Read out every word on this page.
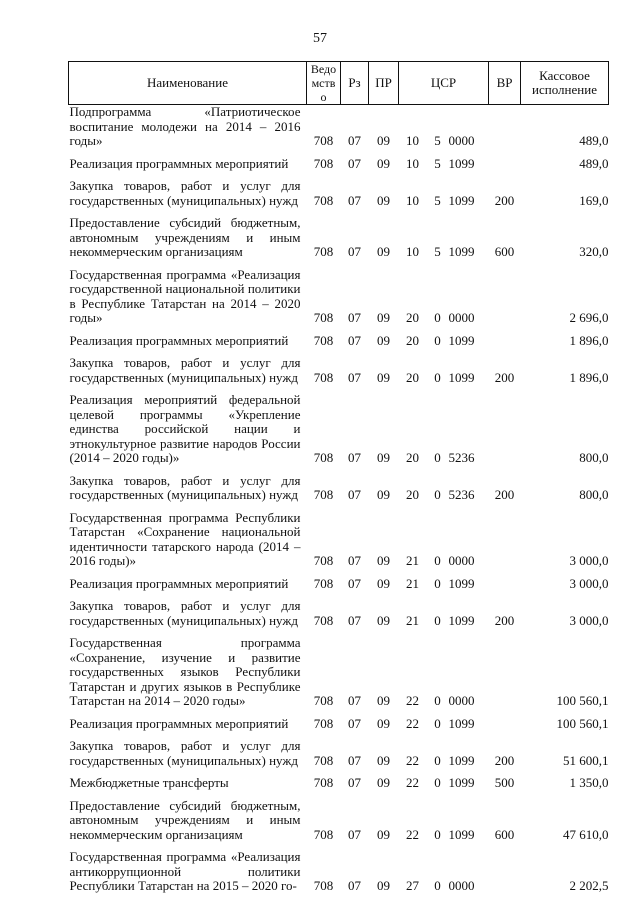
57
Наименование	Ведомство	Рз	ПР	ЦСР			ВР	Кассовое исполнение
Подпрограмма «Патриотическое воспитание молодежи на 2014 – 2016 годы»	708	07	09	10	5	0000		489,0
Реализация программных мероприятий	708	07	09	10	5	1099		489,0
Закупка товаров, работ и услуг для государственных (муниципальных) нужд	708	07	09	10	5	1099	200	169,0
Предоставление субсидий бюджетным, автономным учреждениям и иным некоммерческим организациям	708	07	09	10	5	1099	600	320,0
Государственная программа «Реализация государственной национальной политики в Республике Татарстан на 2014 – 2020 годы»	708	07	09	20	0	0000		2 696,0
Реализация программных мероприятий	708	07	09	20	0	1099		1 896,0
Закупка товаров, работ и услуг для государственных (муниципальных) нужд	708	07	09	20	0	1099	200	1 896,0
Реализация мероприятий федеральной целевой программы «Укрепление единства российской нации и этнокультурное развитие народов России (2014 – 2020 годы)»	708	07	09	20	0	5236		800,0
Закупка товаров, работ и услуг для государственных (муниципальных) нужд	708	07	09	20	0	5236	200	800,0
Государственная программа Республики Татарстан «Сохранение национальной идентичности татарского народа (2014 – 2016 годы)»	708	07	09	21	0	0000		3 000,0
Реализация программных мероприятий	708	07	09	21	0	1099		3 000,0
Закупка товаров, работ и услуг для государственных (муниципальных) нужд	708	07	09	21	0	1099	200	3 000,0
Государственная программа «Сохранение, изучение и развитие государственных языков Республики Татарстан и других языков в Республике Татарстан на 2014 – 2020 годы»	708	07	09	22	0	0000		100 560,1
Реализация программных мероприятий	708	07	09	22	0	1099		100 560,1
Закупка товаров, работ и услуг для государственных (муниципальных) нужд	708	07	09	22	0	1099	200	51 600,1
Межбюджетные трансферты	708	07	09	22	0	1099	500	1 350,0
Предоставление субсидий бюджетным, автономным учреждениям и иным некоммерческим организациям	708	07	09	22	0	1099	600	47 610,0
Государственная программа «Реализация антикоррупционной политики Республики Татарстан на 2015 – 2020 го-	708	07	09	27	0	0000		2 202,5
